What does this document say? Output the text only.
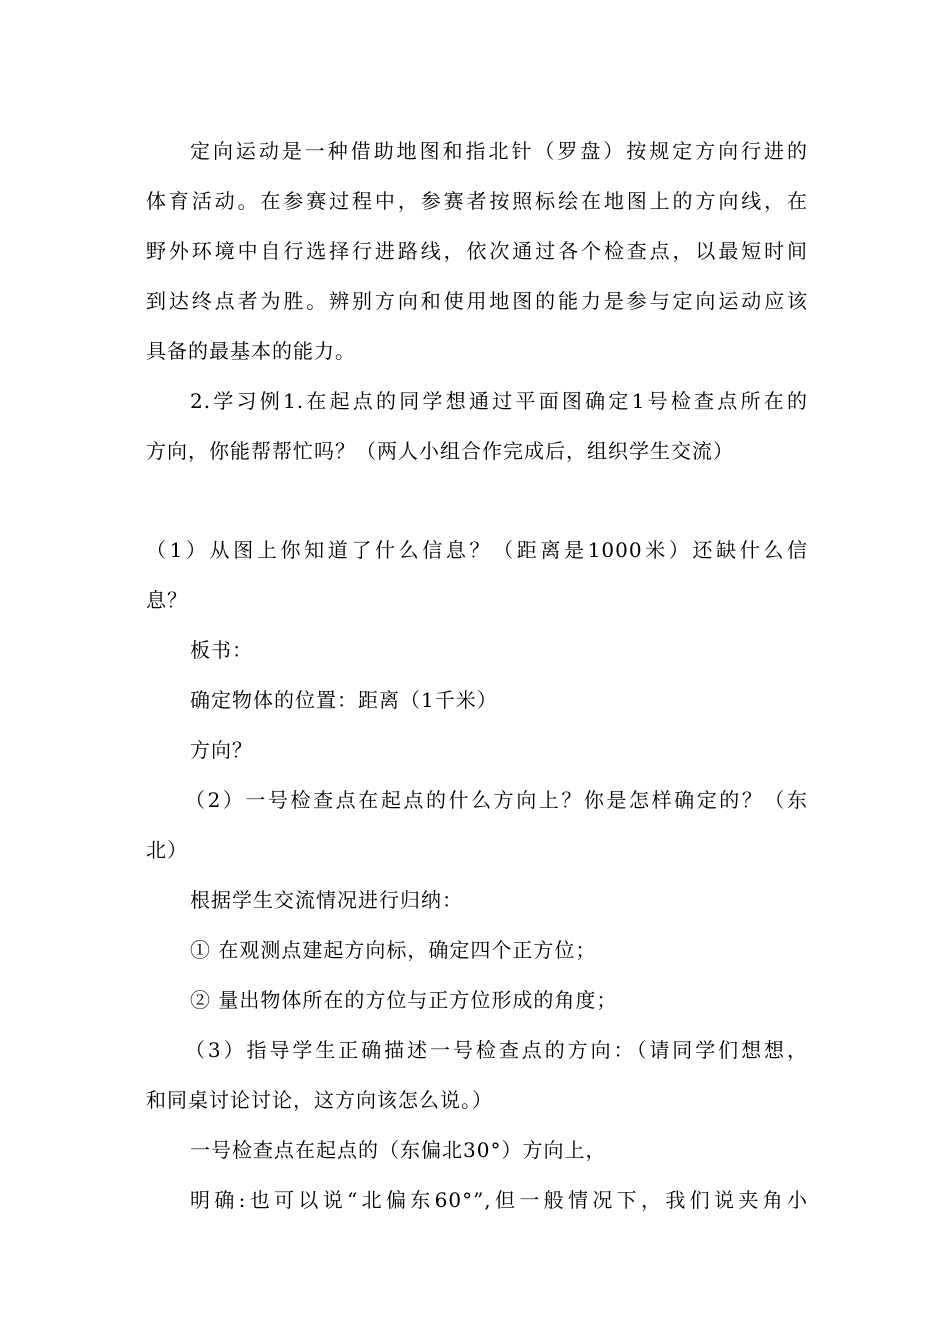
定向运动是一种借助地图和指北针（罗盘）按规定方向行进的
体育活动。在参赛过程中，参赛者按照标绘在地图上的方向线，在
野外环境中自行选择行进路线，依次通过各个检查点，以最短时间
到达终点者为胜。辨别方向和使用地图的能力是参与定向运动应该
具备的最基本的能力。
2.学习例1.在起点的同学想通过平面图确定1号检查点所在的
方向，你能帮帮忙吗？（两人小组合作完成后，组织学生交流）
（1）从图上你知道了什么信息？（距离是1000米）还缺什么信
息？
板书：
确定物体的位置：距离（1千米）
方向？
（2）一号检查点在起点的什么方向上？你是怎样确定的？（东
北）
根据学生交流情况进行归纳：
① 在观测点建起方向标，确定四个正方位；
② 量出物体所在的方位与正方位形成的角度；
（3）指导学生正确描述一号检查点的方向：（请同学们想想，
和同桌讨论讨论，这方向该怎么说。）
一号检查点在起点的（东偏北30°）方向上，
明确:也可以说“北偏东60°”,但一般情况下，我们说夹角小
